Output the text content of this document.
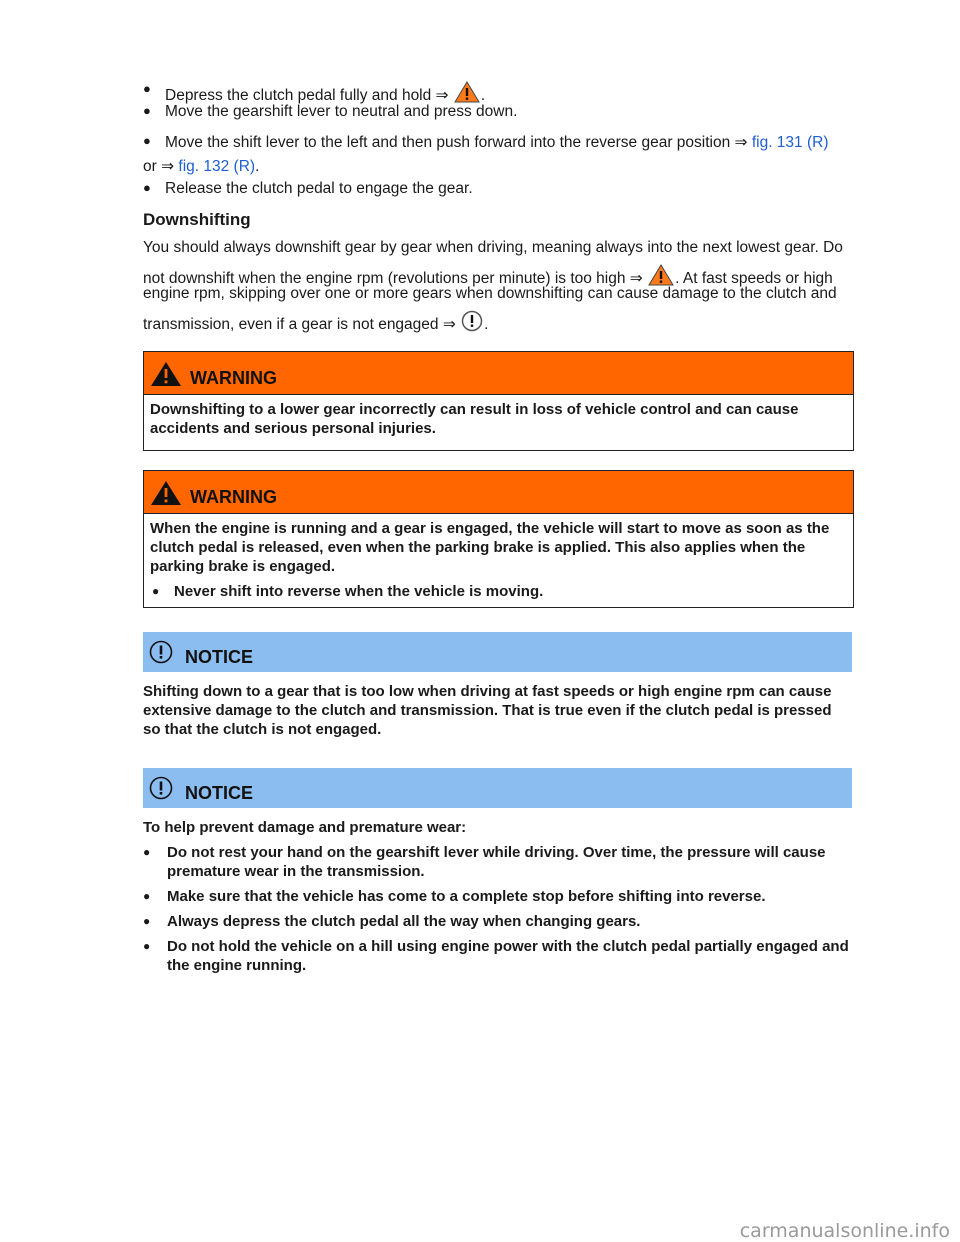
● Depress the clutch pedal fully and hold ⇒ .
● Move the gearshift lever to neutral and press down.
● Move the shift lever to the left and then push forward into the reverse gear position ⇒ fig. 131 (R)
or ⇒ fig. 132 (R).
● Release the clutch pedal to engage the gear.
Downshifting
You should always downshift gear by gear when driving, meaning always into the next lowest gear. Do
not downshift when the engine rpm (revolutions per minute) is too high ⇒ . At fast speeds or high
engine rpm, skipping over one or more gears when downshifting can cause damage to the clutch and
transmission, even if a gear is not engaged ⇒ .
WARNING
Downshifting to a lower gear incorrectly can result in loss of vehicle control and can cause accidents and serious personal injuries.
WARNING
When the engine is running and a gear is engaged, the vehicle will start to move as soon as the clutch pedal is released, even when the parking brake is applied. This also applies when the parking brake is engaged.
● Never shift into reverse when the vehicle is moving.
NOTICE
Shifting down to a gear that is too low when driving at fast speeds or high engine rpm can cause extensive damage to the clutch and transmission. That is true even if the clutch pedal is pressed so that the clutch is not engaged.
NOTICE
To help prevent damage and premature wear:
● Do not rest your hand on the gearshift lever while driving. Over time, the pressure will cause premature wear in the transmission.
● Make sure that the vehicle has come to a complete stop before shifting into reverse.
● Always depress the clutch pedal all the way when changing gears.
● Do not hold the vehicle on a hill using engine power with the clutch pedal partially engaged and the engine running.
carmanualsonline.info
